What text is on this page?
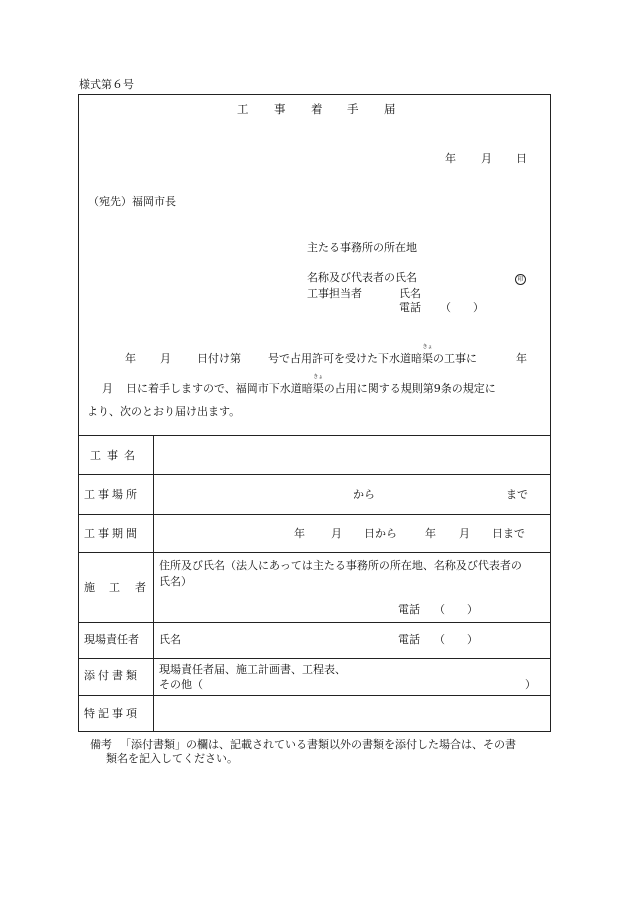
様式第６号
工 事 着 手 届
年 月 日
（宛先）福岡市長
主たる事務所の所在地
名称及び代表者の氏名	印
工事担当者	氏名
電話 （　　）
年 月 日付け第 号で占用許可を受けた下水道暗渠
きょ
の工事に	年
月 日に着手しますので、福岡市下水道暗渠
きょ
の占用に関する規則第9条の規定に
より、次のとおり届け出ます。
工事名
工事場所	から	まで
工事期間	年 月 日から	年 月 日まで
施 工 者
住所及び氏名（法人にあっては主たる事務所の所在地、名称及び代表者の
氏名）
電話 （　　）
現場責任者 氏名	電話 （　　）
添付書類 現場責任者届、施工計画書、工程表、
その他（	）
特記事項
備考 「添付書類」の欄は、記載されている書類以外の書類を添付した場合は、その書
類名を記入してください。
